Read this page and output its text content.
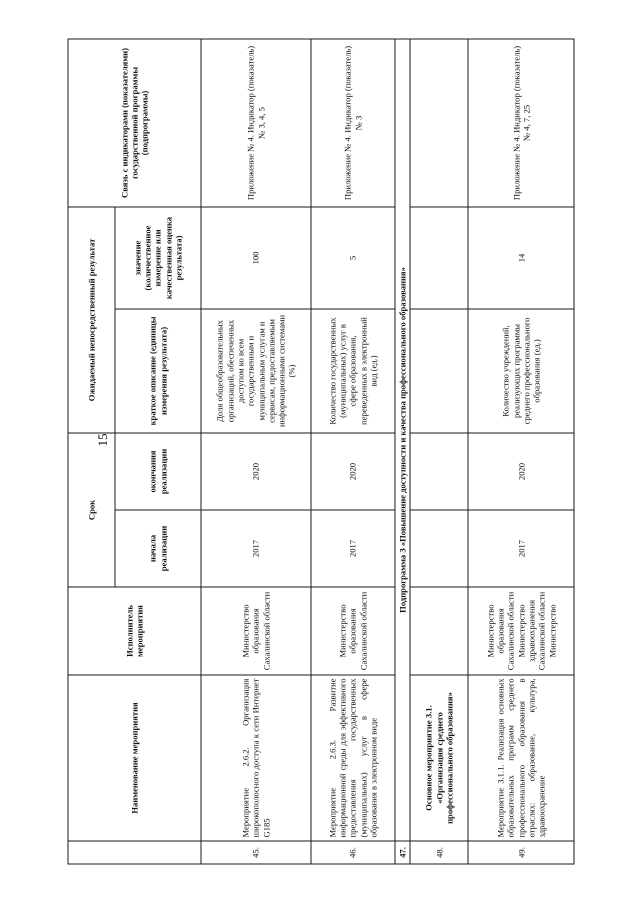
15
	Наименование мероприятия	Исполнитель мероприятия	Срок		Ожидаемый непосредственный результат		Связь с индикаторами (показателями) государственной программы (подпрограммы)
			начала реализации	окончания реализации	краткое описание (единицы измерения результата)	значение (количественное измерение или качественная оценка результата)	
45.	Мероприятие 2.6.2. Организация широкополосного доступа к сети Интернет G185	Министерство образования Сахалинской области	2017	2020	Доля общеобразовательных организаций, обеспеченных доступом ко всем государственным и муниципальным услугам и сервисам, предоставляемым информационными системами (%)	100	Приложение № 4. Индикатор (показатель) № 3, 4, 5
46.	Мероприятие 2.6.3. Развитие информационной среды для эффективного предоставления государственных (муниципальных) услуг в сфере образования в электронном виде	Министерство образования Сахалинской области	2017	2020	Количество государственных (муниципальных) услуг в сфере образования, переведенных в электронный вид (ед.)	5	Приложение № 4. Индикатор (показатель) № 3
47.	Подпрограмма 3 «Повышение доступности и качества профессионального образования»						
48.	Основное мероприятие 3.1. «Организация среднего профессионального образования»						
49.	Мероприятие 3.1.1. Реализация основных образовательных программ среднего профессионального образования в отраслях: образование, культура, здравоохранение	Министерство образования Сахалинской области Министерство здравоохранения Сахалинской области Министерство	2017	2020	Количество учреждений, реализующих программы среднего профессионального образования (ед.)	14	Приложение № 4. Индикатор (показатель) № 4, 7, 25
